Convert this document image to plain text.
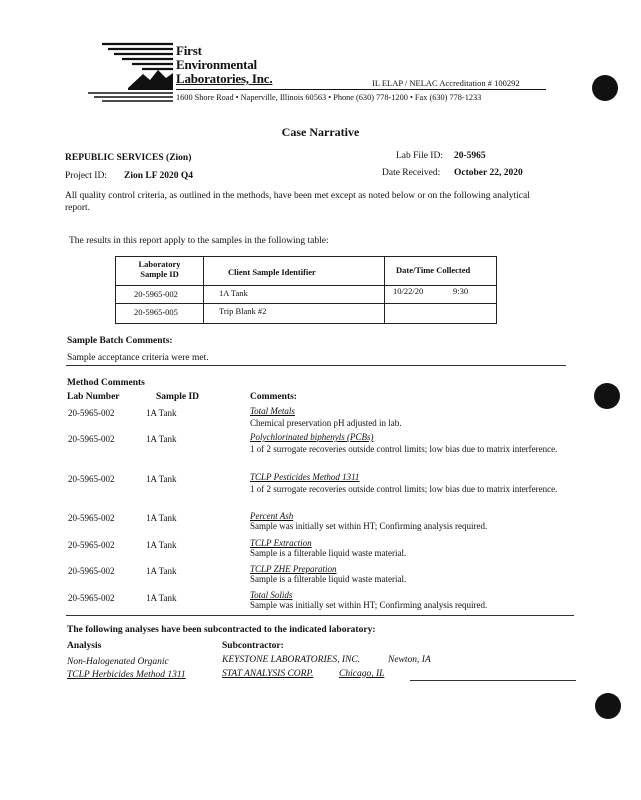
First
Environmental
Laboratories, Inc.	IL ELAP / NELAC Accreditation # 100292
1600 Shore Road • Naperville, Illinois 60563 • Phone (630) 778-1200 • Fax (630) 778-1233
Case Narrative
REPUBLIC SERVICES (Zion)	Lab File ID: 20-5965
Project ID: Zion LF 2020 Q4	Date Received: October 22, 2020
All quality control criteria, as outlined in the methods, have been met except as noted below or on the following analytical report.
The results in this report apply to the samples in the following table:
Laboratory
Sample ID	Client Sample Identifier	Date/Time Collected
20-5965-002	1A Tank	10/22/20	9:30
20-5965-005	Trip Blank #2
Sample Batch Comments:
Sample acceptance criteria were met.
Method Comments
Lab Number	Sample ID	Comments:
20-5965-002	1A Tank	Total Metals
Chemical preservation pH adjusted in lab.
20-5965-002	1A Tank	Polychlorinated biphenyls (PCBs)
1 of 2 surrogate recoveries outside control limits; low bias due to matrix interference.
20-5965-002	1A Tank	TCLP Pesticides Method 1311
1 of 2 surrogate recoveries outside control limits; low bias due to matrix interference.
20-5965-002	1A Tank	Percent Ash
Sample was initially set within HT; Confirming analysis required.
20-5965-002	1A Tank	TCLP Extraction
Sample is a filterable liquid waste material.
20-5965-002	1A Tank	TCLP ZHE Preparation
Sample is a filterable liquid waste material.
20-5965-002	1A Tank	Total Solids
Sample was initially set within HT; Confirming analysis required.
The following analyses have been subcontracted to the indicated laboratory:
Analysis	Subcontractor:
Non-Halogenated Organic	KEYSTONE LABORATORIES, INC.	Newton, IA
TCLP Herbicides Method 1311	STAT ANALYSIS CORP.	Chicago, IL
